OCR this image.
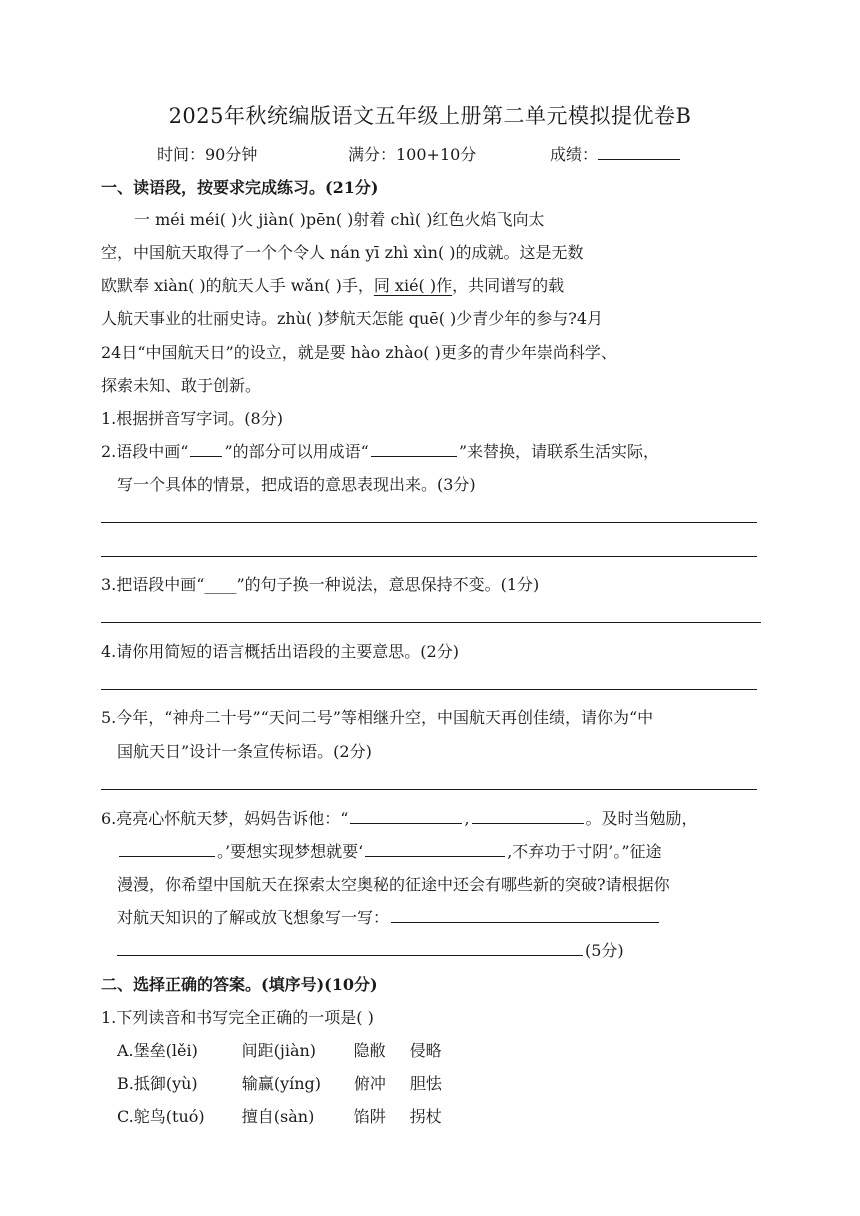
2025年秋统编版语文五年级上册第二单元模拟提优卷B
时间：90分钟	满分：100+10分	成绩：
一、读语段，按要求完成练习。(21分)
一 méi méi( )火 jiàn( )pēn( )射着 chì( )红色火焰飞向太
空，中国航天取得了一个个令人 nán yī zhì xìn( )的成就。这是无数
欧默奉 xiàn( )的航天人手 wǎn( )手，同 xié( )作，共同谱写的载
人航天事业的壮丽史诗。zhù( )梦航天怎能 quē( )少青少年的参与?4月
24日“中国航天日”的设立，就是要 hào zhào( )更多的青少年崇尚科学、
探索未知、敢于创新。
1.根据拼音写字词。(8分)
2.语段中画“ ”的部分可以用成语“	”来替换，请联系生活实际，
写一个具体的情景，把成语的意思表现出来。(3分)
3.把语段中画“____”的句子换一种说法，意思保持不变。(1分)
4.请你用简短的语言概括出语段的主要意思。(2分)
5.今年，“神舟二十号”“天问二号”等相继升空，中国航天再创佳绩，请你为“中
国航天日”设计一条宣传标语。(2分)
6.亮亮心怀航天梦，妈妈告诉他：“	,	。及时当勉励，
。’要想实现梦想就要‘	,不弃功于寸阴’。”征途
漫漫，你希望中国航天在探索太空奥秘的征途中还会有哪些新的突破?请根据你
对航天知识的了解或放飞想象写一写：
(5分)
二、选择正确的答案。(填序号)(10分)
1.下列读音和书写完全正确的一项是( )
A.堡垒(lěi)	间距(jiàn) 隐敝 侵略
B.抵御(yù)	输赢(yíng) 俯冲 胆怯
C.鸵鸟(tuó) 擅自(sàn) 馅阱 拐杖
